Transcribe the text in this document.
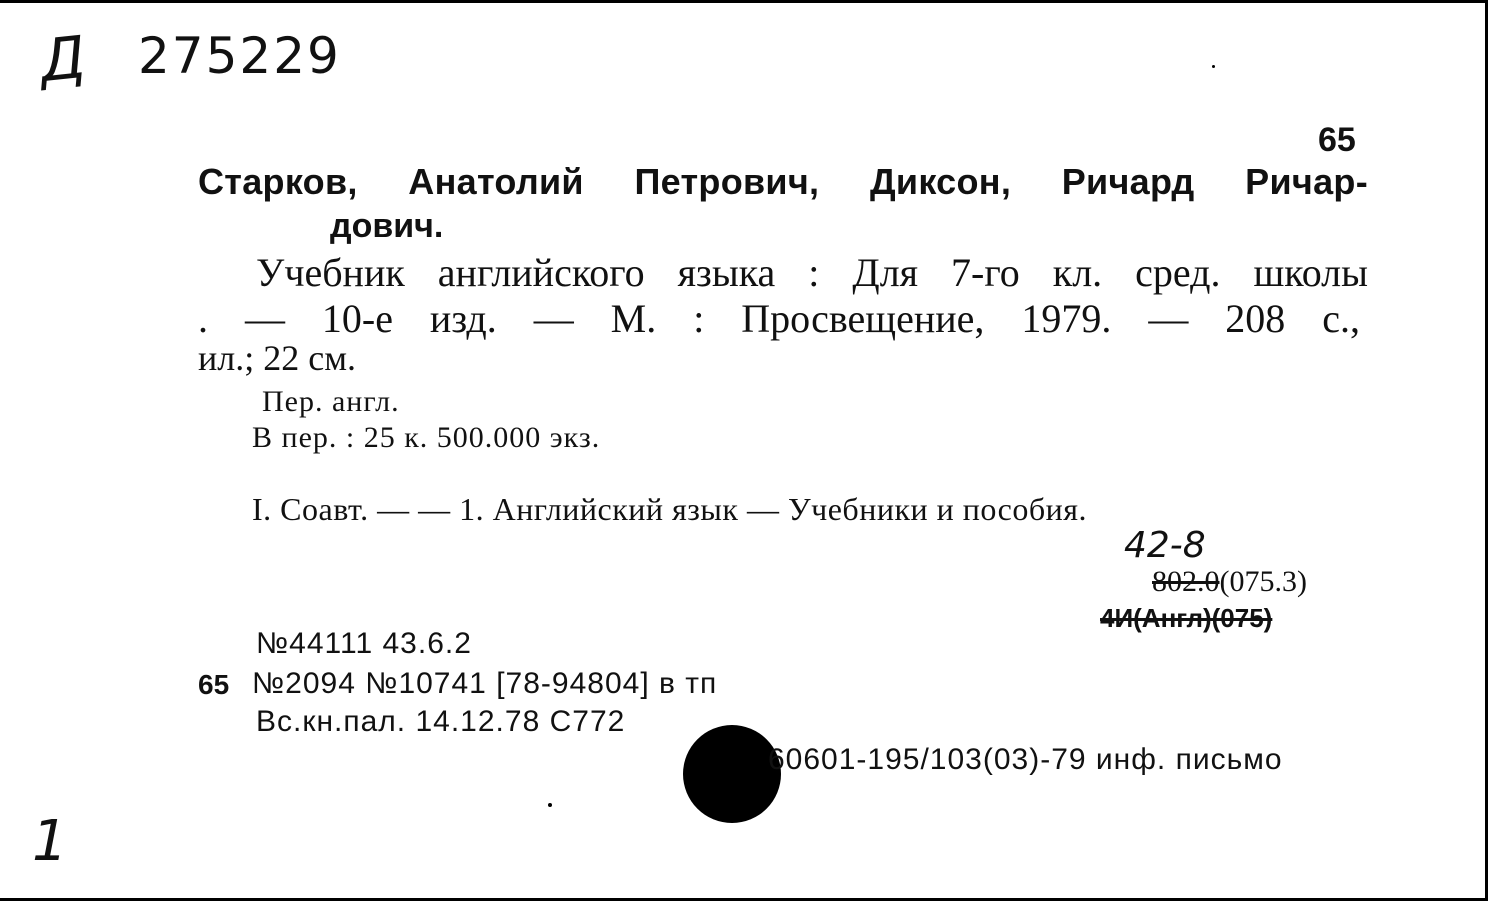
Д 275229
65
Старков, Анатолий Петрович, Диксон, Ричард Ричар-
дович.
Учебник английского языка : Для 7-го кл. сред. школы
. — 10-е изд. — М. : Просвещение, 1979. — 208 с.,
ил.; 22 см.
Пер. англ.
В пер. : 25 к. 500.000 экз.
I. Соавт. — — 1. Английский язык — Учебники и пособия.
42-8
802.0(075.3)
4И(Англ)(075)
№44111 43.6.2
65 №2094 №10741 [78-94804] в тп
Вс.кн.пал. 14.12.78 С772
60601-195/103(03)-79 инф. письмо
1
